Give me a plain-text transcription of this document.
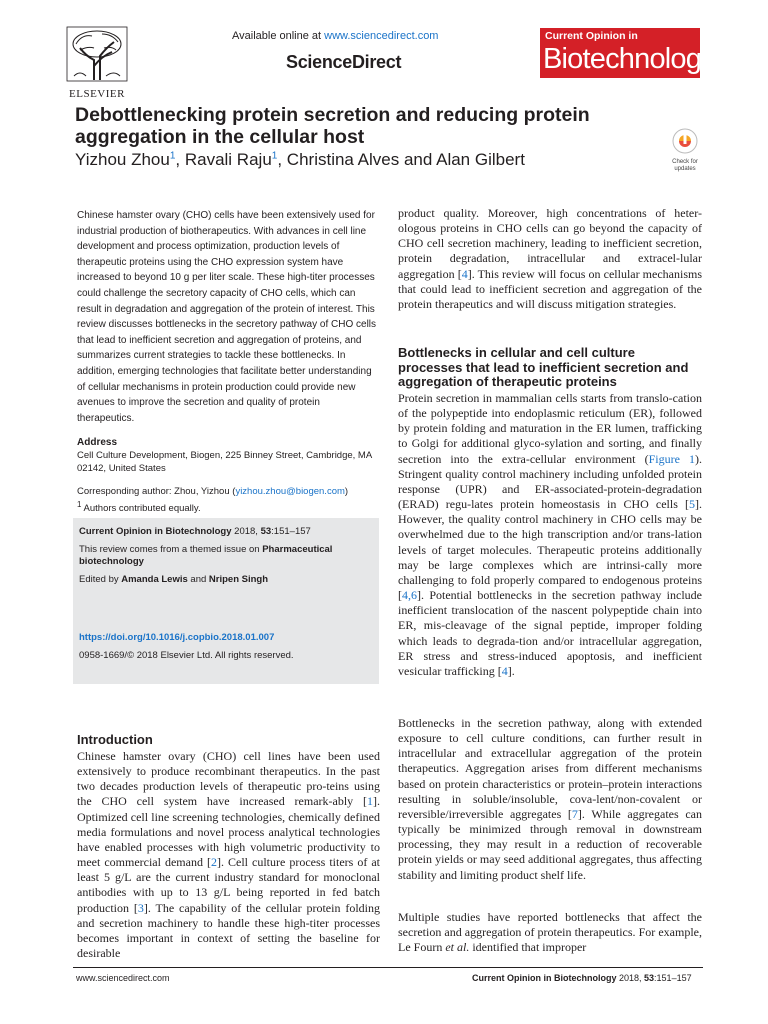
ELSEVIER
Available online at www.sciencedirect.com
ScienceDirect
Current Opinion in
Biotechnology
Debottlenecking protein secretion and reducing protein aggregation in the cellular host
Yizhou Zhou$^1$, Ravali Raju$^1$, Christina Alves and Alan Gilbert	Check for updates

Chinese hamster ovary (CHO) cells have been extensively used for industrial production of biotherapeutics. With advances in cell line development and process optimization, production levels of therapeutic proteins using the CHO expression system have increased to beyond 10 g per liter scale. These high-titer processes could challenge the secretory capacity of CHO cells, which can result in degradation and aggregation of the protein of interest. This review discusses bottlenecks in the secretory pathway of CHO cells that lead to inefficient secretion and aggregation of proteins, and summarizes current strategies to tackle these bottlenecks. In addition, emerging technologies that facilitate better understanding of cellular mechanisms in protein production could provide new avenues to improve the secretion and quality of protein therapeutics.

Address

Cell Culture Development, Biogen, 225 Binney Street, Cambridge, MA 02142, United States

Corresponding author: Zhou, Yizhou (yizhou.zhou@biogen.com)
$^1$ Authors contributed equally.

Current Opinion in Biotechnology 2018, 53:151–157

This review comes from a themed issue on Pharmaceutical biotechnology

Edited by Amanda Lewis and Nripen Singh

https://doi.org/10.1016/j.copbio.2018.01.007
0958-1669/© 2018 Elsevier Ltd. All rights reserved.
Introduction

Chinese hamster ovary (CHO) cell lines have been used extensively to produce recombinant therapeutics. In the past two decades production levels of therapeutic pro-teins using the CHO cell system have increased remark-ably [1]. Optimized cell line screening technologies, chemically defined media formulations and novel process analytical technologies have enabled processes with high volumetric productivity to meet commercial demand [2]. Cell culture process titers of at least 5 g/L are the current industry standard for monoclonal antibodies with up to 13 g/L being reported in fed batch production [3]. The capability of the cellular protein folding and secretion machinery to handle these high-titer processes becomes important in context of setting the baseline for desirable

product quality. Moreover, high concentrations of heter-ologous proteins in CHO cells can go beyond the capacity of CHO cell secretion machinery, leading to inefficient secretion, protein degradation, intracellular and extracel-lular aggregation [4]. This review will focus on cellular mechanisms that could lead to inefficient secretion and aggregation of the protein therapeutics and will discuss mitigation strategies.

Bottlenecks in cellular and cell culture processes that lead to inefficient secretion and aggregation of therapeutic proteins

Protein secretion in mammalian cells starts from translo-cation of the polypeptide into endoplasmic reticulum (ER), followed by protein folding and maturation in the ER lumen, trafficking to Golgi for additional glyco-sylation and sorting, and finally secretion into the extra-cellular environment (Figure 1). Stringent quality control machinery including unfolded protein response (UPR) and ER-associated-protein-degradation (ERAD) regu-lates protein homeostasis in CHO cells [5]. However, the quality control machinery in CHO cells may be overwhelmed due to the high transcription and/or trans-lation levels of target molecules. Therapeutic proteins additionally may be large complexes which are intrinsi-cally more challenging to fold properly compared to endogenous proteins [4,6]. Potential bottlenecks in the secretion pathway include inefficient translocation of the nascent polypeptide chain into ER, mis-cleavage of the signal peptide, improper folding which leads to degrada-tion and/or intracellular aggregation, ER stress and stress-induced apoptosis, and inefficient vesicular trafficking [4].

Bottlenecks in the secretion pathway, along with extended exposure to cell culture conditions, can further result in intracellular and extracellular aggregation of the protein therapeutics. Aggregation arises from different mechanisms based on protein characteristics or protein–protein interactions resulting in soluble/insoluble, cova-lent/non-covalent or reversible/irreversible aggregates [7]. While aggregates can typically be minimized through removal in downstream processing, they may result in a reduction of recoverable protein yields or may seed additional aggregates, thus affecting stability and limiting product shelf life.

Multiple studies have reported bottlenecks that affect the secretion and aggregation of protein therapeutics. For example, Le Fourn et al. identified that improper

www.sciencedirect.com	Current Opinion in Biotechnology 2018, 53:151–157
